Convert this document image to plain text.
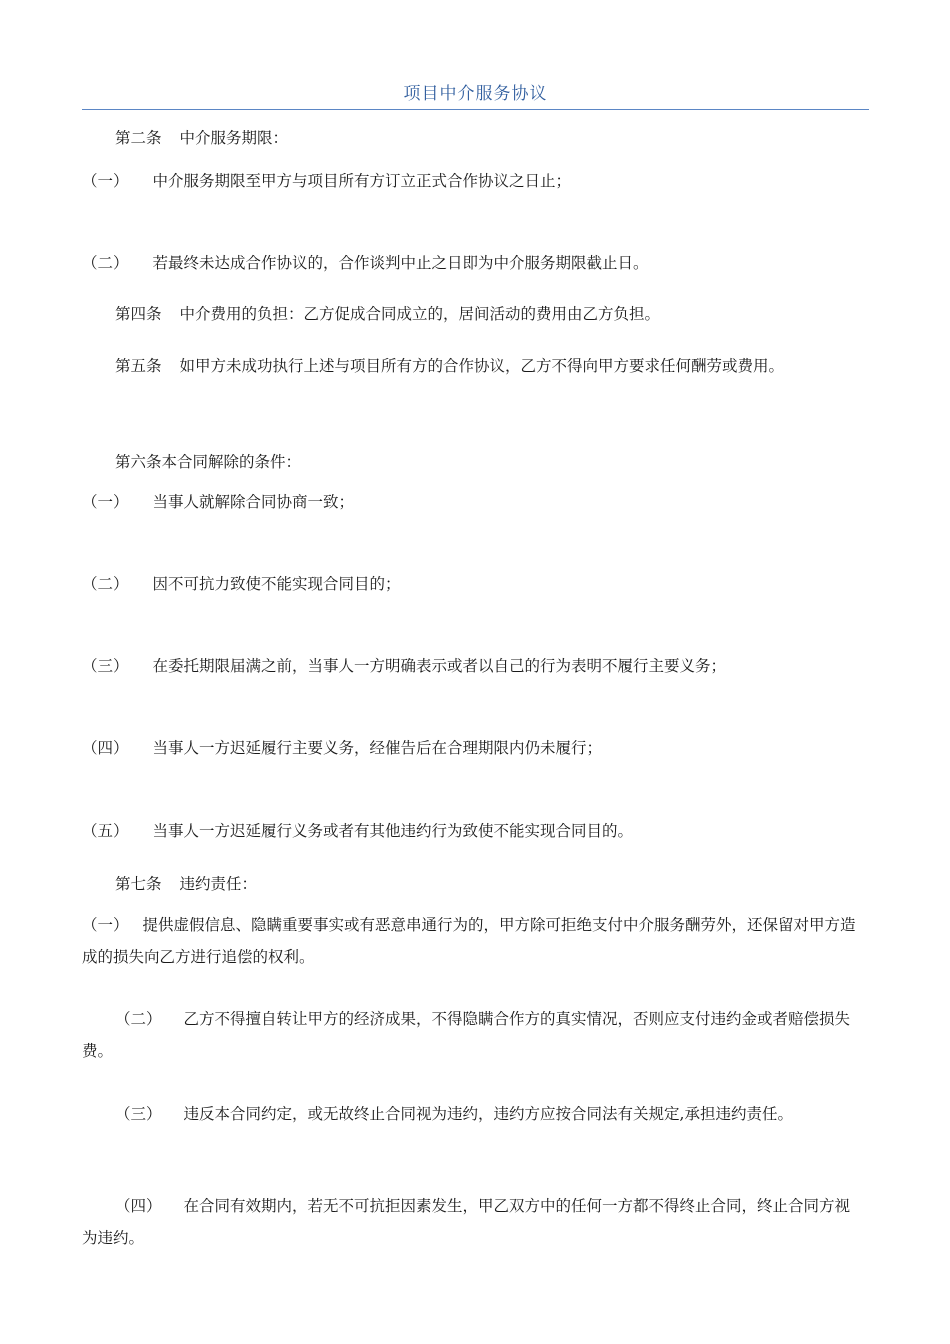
项目中介服务协议

第二条 中介服务期限：

（一） 中介服务期限至甲方与项目所有方订立正式合作协议之日止；

（二） 若最终未达成合作协议的，合作谈判中止之日即为中介服务期限截止日。

第四条 中介费用的负担：乙方促成合同成立的，居间活动的费用由乙方负担。

第五条 如甲方未成功执行上述与项目所有方的合作协议，乙方不得向甲方要求任何酬劳或费用。

第六条本合同解除的条件：

（一） 当事人就解除合同协商一致；

（二） 因不可抗力致使不能实现合同目的；

（三） 在委托期限届满之前，当事人一方明确表示或者以自己的行为表明不履行主要义务；

（四） 当事人一方迟延履行主要义务，经催告后在合理期限内仍未履行；

（五） 当事人一方迟延履行义务或者有其他违约行为致使不能实现合同目的。

第七条 违约责任：

（一） 提供虚假信息、隐瞒重要事实或有恶意串通行为的，甲方除可拒绝支付中介服务酬劳外，还保留对甲方造成的损失向乙方进行追偿的权利。

（二） 乙方不得擅自转让甲方的经济成果，不得隐瞒合作方的真实情况，否则应支付违约金或者赔偿损失费。

（三） 违反本合同约定，或无故终止合同视为违约，违约方应按合同法有关规定,承担违约责任。

（四） 在合同有效期内，若无不可抗拒因素发生，甲乙双方中的任何一方都不得终止合同，终止合同方视为违约。
